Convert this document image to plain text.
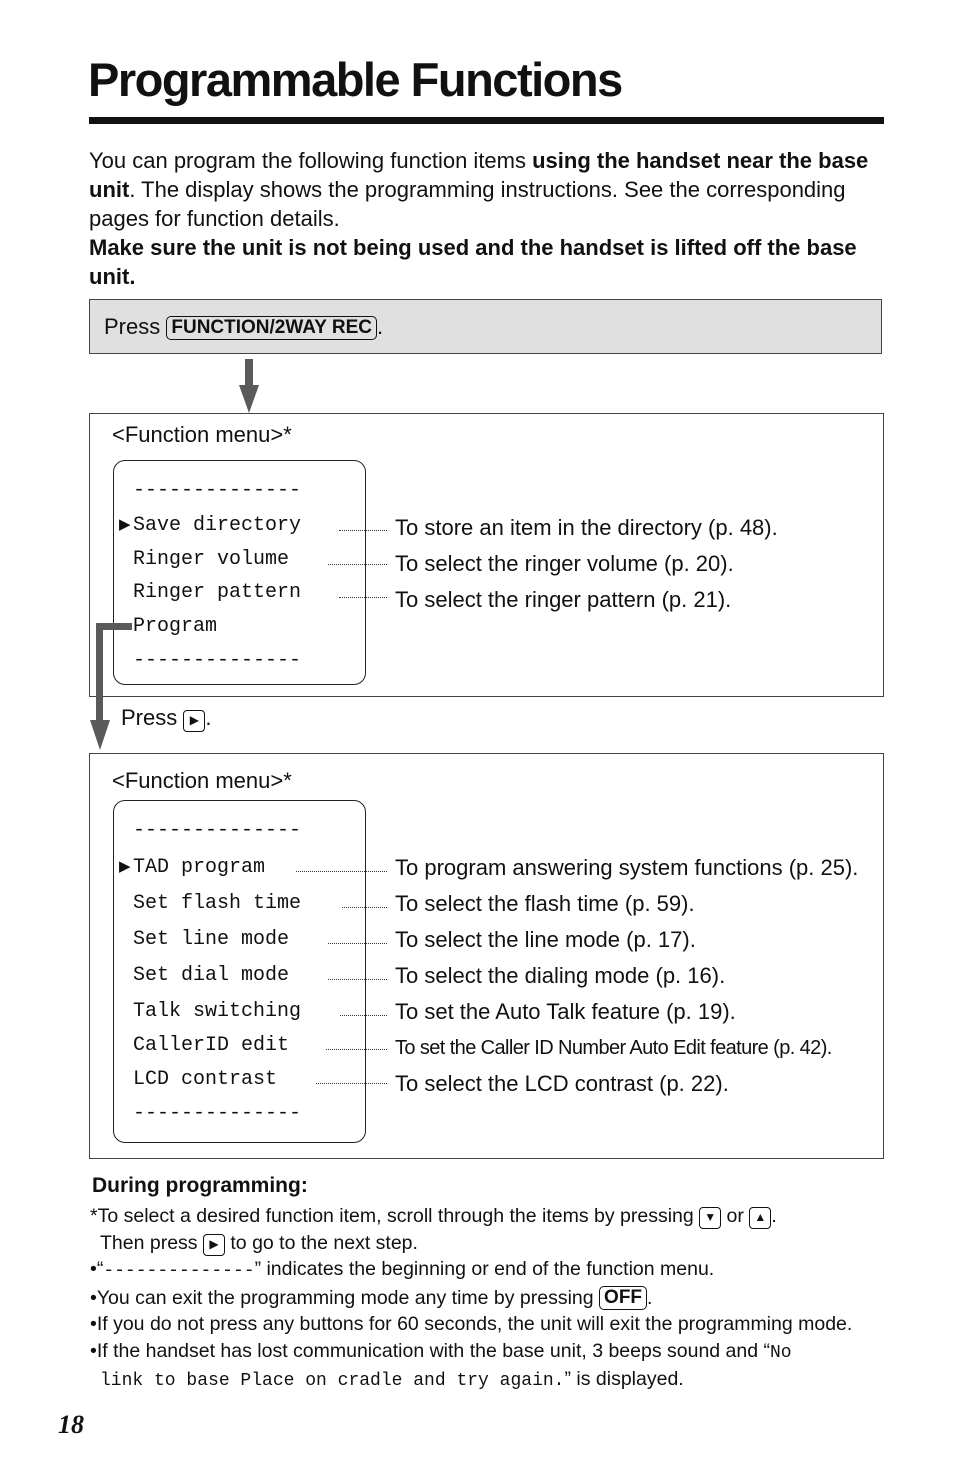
Programmable Functions

You can program the following function items using the handset near the base unit. The display shows the programming instructions. See the corresponding pages for function details.

Make sure the unit is not being used and the handset is lifted off the base unit.

Press FUNCTION/2WAY REC .
<Function menu>*
--------------
▶ Save directory
Ringer volume
Ringer pattern
Program
--------------
To store an item in the directory (p. 48).
To select the ringer volume (p. 20).
To select the ringer pattern (p. 21).
Press ▶ .
<Function menu>*
--------------
▶ TAD program
Set flash time
Set line mode
Set dial mode
Talk switching
CallerID edit
LCD contrast
--------------
To program answering system functions (p. 25).
To select the flash time (p. 59).
To select the line mode (p. 17).
To select the dialing mode (p. 16).
To set the Auto Talk feature (p. 19).
To set the Caller ID Number Auto Edit feature (p. 42).
To select the LCD contrast (p. 22).
During programming:

*To select a desired function item, scroll through the items by pressing ▼ or ▲ .

Then press ▶ to go to the next step.

•“--------------” indicates the beginning or end of the function menu.

•You can exit the programming mode any time by pressing OFF .

•If you do not press any buttons for 60 seconds, the unit will exit the programming mode.

•If the handset has lost communication with the base unit, 3 beeps sound and “No

link to base Place on cradle and try again.” is displayed.

18
